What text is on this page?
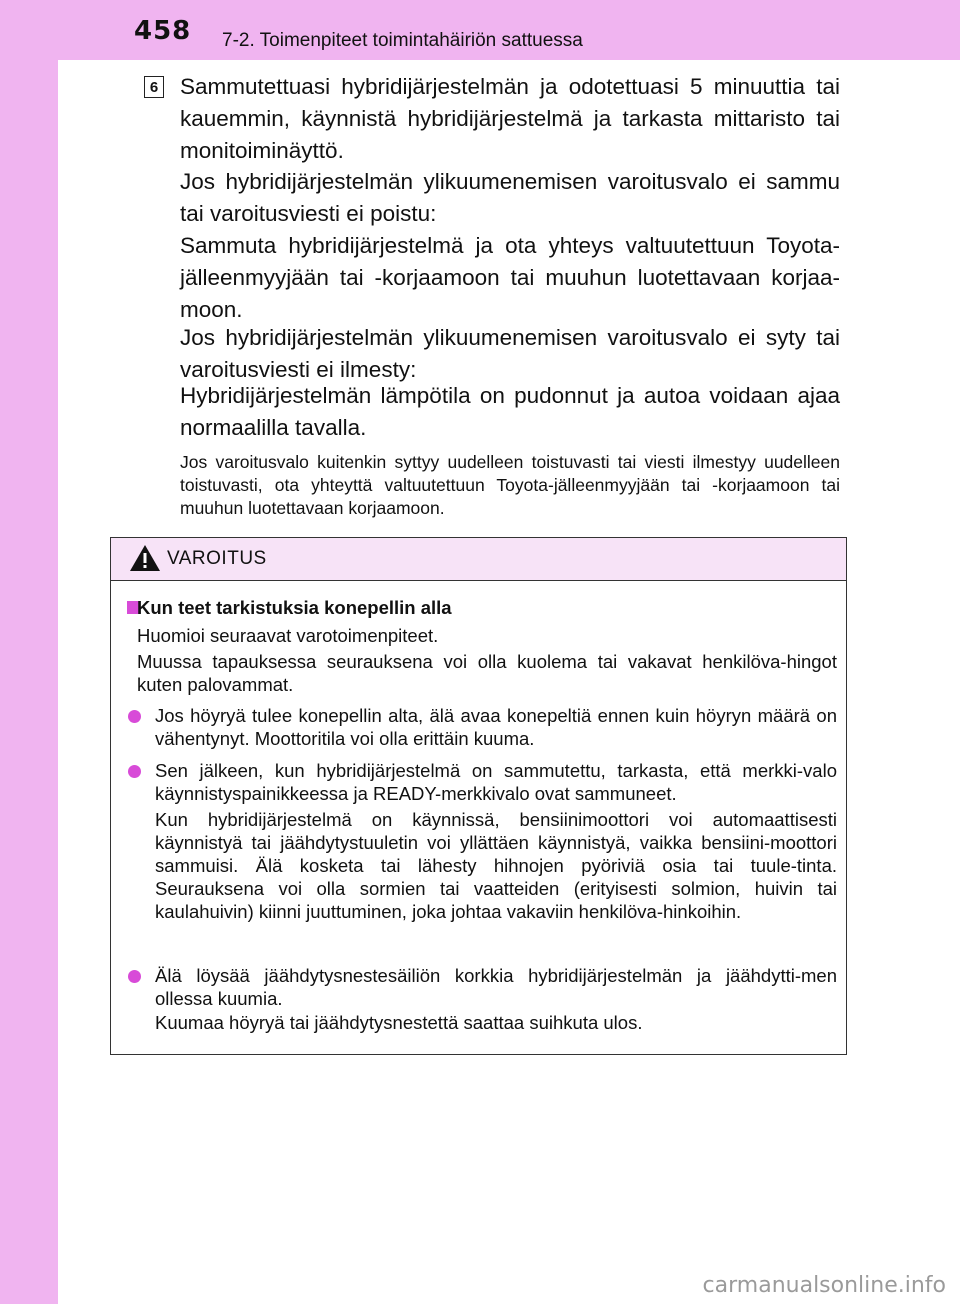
458 7-2. Toimenpiteet toimintahäiriön sattuessa
6 Sammutettuasi hybridijärjestelmän ja odotettuasi 5 minuuttia tai kauemmin, käynnistä hybridijärjestelmä ja tarkasta mittaristo tai monitoiminäyttö.
Jos hybridijärjestelmän ylikuumenemisen varoitusvalo ei sammu tai varoitusviesti ei poistu:
Sammuta hybridijärjestelmä ja ota yhteys valtuutettuun Toyota-jälleenmyyjään tai -korjaamoon tai muuhun luotettavaan korjaa-moon.
Jos hybridijärjestelmän ylikuumenemisen varoitusvalo ei syty tai varoitusviesti ei ilmesty:
Hybridijärjestelmän lämpötila on pudonnut ja autoa voidaan ajaa normaalilla tavalla.
Jos varoitusvalo kuitenkin syttyy uudelleen toistuvasti tai viesti ilmestyy uudelleen toistuvasti, ota yhteyttä valtuutettuun Toyota-jälleenmyyjään tai -korjaamoon tai muuhun luotettavaan korjaamoon.
VAROITUS
Kun teet tarkistuksia konepellin alla
Huomioi seuraavat varotoimenpiteet.
Muussa tapauksessa seurauksena voi olla kuolema tai vakavat henkilöva-hingot kuten palovammat.
Jos höyryä tulee konepellin alta, älä avaa konepeltiä ennen kuin höyryn määrä on vähentynyt. Moottoritila voi olla erittäin kuuma.
Sen jälkeen, kun hybridijärjestelmä on sammutettu, tarkasta, että merkki-valo käynnistyspainikkeessa ja READY-merkkivalo ovat sammuneet.
Kun hybridijärjestelmä on käynnissä, bensiinimoottori voi automaattisesti käynnistyä tai jäähdytystuuletin voi yllättäen käynnistyä, vaikka bensiini-moottori sammuisi. Älä kosketa tai lähesty hihnojen pyöriviä osia tai tuule-tinta. Seurauksena voi olla sormien tai vaatteiden (erityisesti solmion, huivin tai kaulahuivin) kiinni juuttuminen, joka johtaa vakaviin henkilöva-hinkoihin.
Älä löysää jäähdytysnestesäiliön korkkia hybridijärjestelmän ja jäähdytti-men ollessa kuumia.
Kuumaa höyryä tai jäähdytysnestettä saattaa suihkuta ulos.
carmanualsonline.info
